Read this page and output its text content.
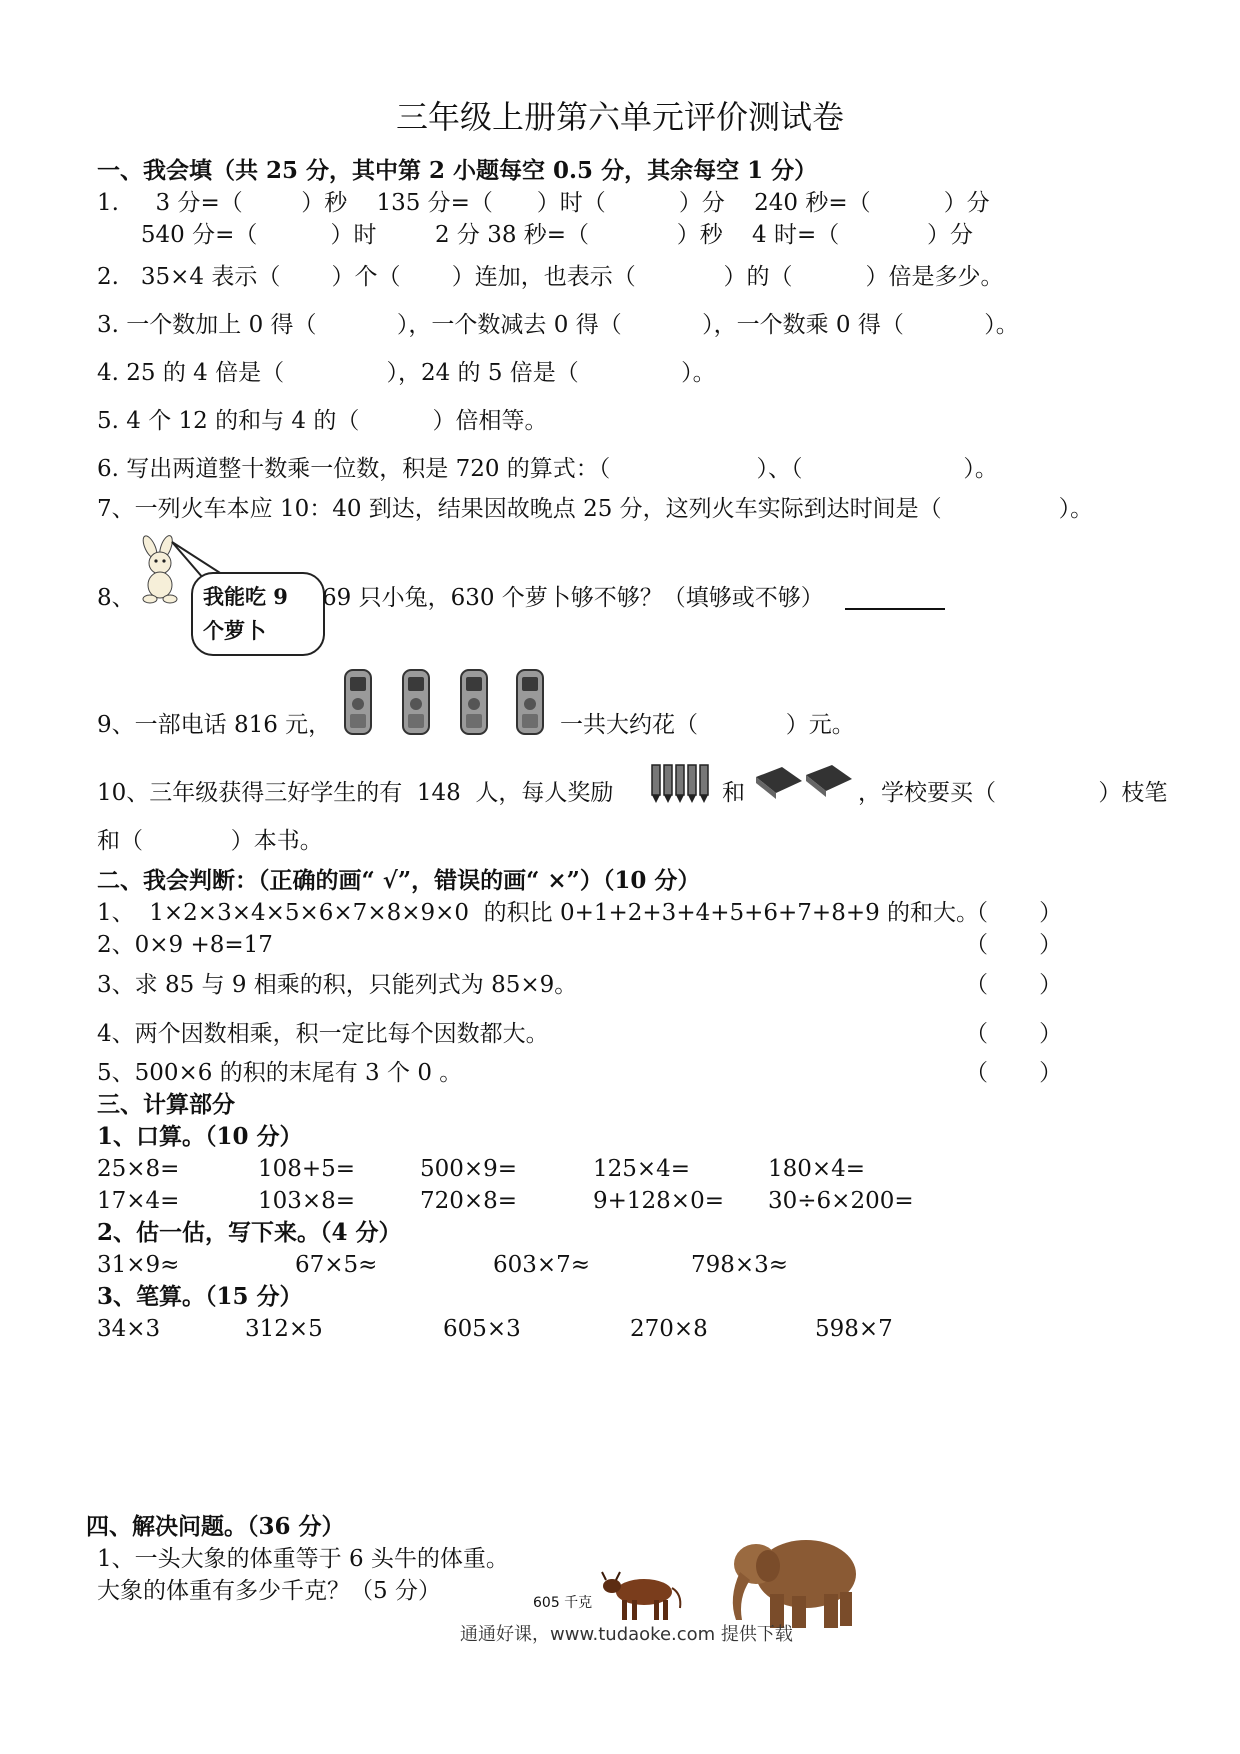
三年级上册第六单元评价测试卷
一、我会填（共 25 分，其中第 2 小题每空 0.5 分，其余每空 1 分）
1.     3 分=（        ）秒    135 分=（      ）时（          ）分    240 秒=（          ）分
540 分=（          ）时        2 分 38 秒=（            ）秒    4 时=（            ）分
2.   35×4 表示（       ）个（       ）连加，也表示（            ）的（          ）倍是多少。
3. 一个数加上 0 得（           ），一个数减去 0 得（           ），一个数乘 0 得（           ）。
4. 25 的 4 倍是（              ），24 的 5 倍是（              ）。
5. 4 个 12 的和与 4 的（          ）倍相等。
6. 写出两道整十数乘一位数，积是 720 的算式：（                    ）、（                      ）。
7、一列火车本应 10：40 到达，结果因故晚点 25 分，这列火车实际到达时间是（                ）。
8、	我能吃 9
个萝卜
69 只小兔，630 个萝卜够不够？（填够或不够）
9、一部电话 816 元，	一共大约花（            ）元。
10、三年级获得三好学生的有  148  人，每人奖励	和	，学校要买（              ）枝笔
和（            ）本书。
二、我会判断：（正确的画“ √”，错误的画“ ×”）（10 分）
1、  1×2×3×4×5×6×7×8×9×0  的积比 0+1+2+3+4+5+6+7+8+9 的和大。
（       ）
2、0×9 +8=17	（       ）
3、求 85 与 9 相乘的积，只能列式为 85×9。	（       ）
4、两个因数相乘，积一定比每个因数都大。	（       ）
5、500×6 的积的末尾有 3 个 0 。	（       ）
三、计算部分
1、口算。（10 分）
25×8=	108+5=	500×9=	125×4=	180×4=
17×4=	103×8=	720×8=	9+128×0= 30÷6×200=
2、估一估，写下来。（4 分）
31×9≈	67×5≈	603×7≈	798×3≈
3、笔算。（15 分）
34×3	312×5	605×3	270×8	598×7
四、解决问题。（36 分）
1、一头大象的体重等于 6 头牛的体重。
大象的体重有多少千克？（5 分）	605 千克
通通好课，www.tudaoke.com 提供下载
